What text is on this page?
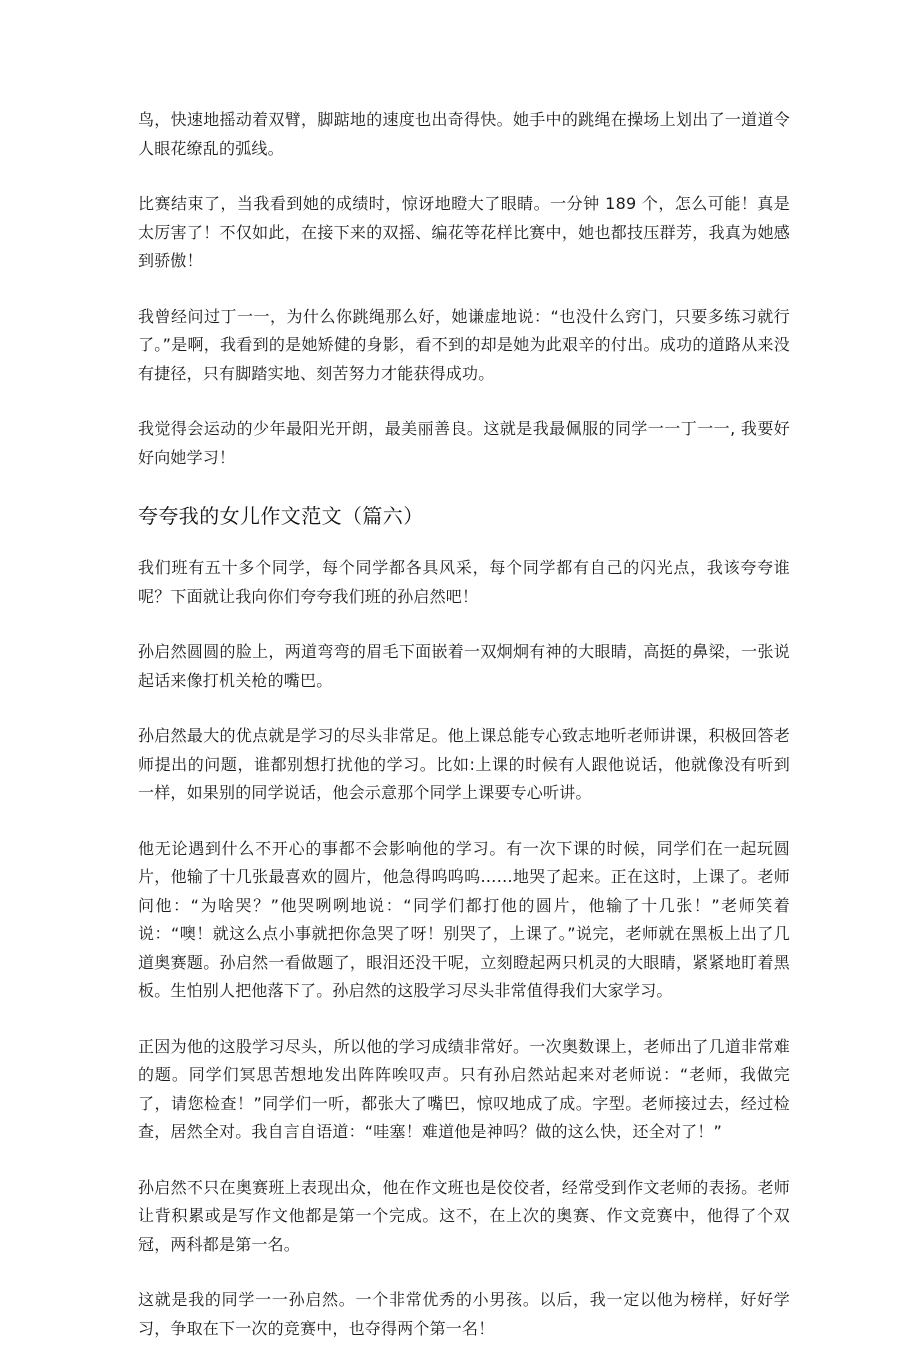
鸟，快速地摇动着双臂，脚踮地的速度也出奇得快。她手中的跳绳在操场上划出了一道道令人眼花缭乱的弧线。

比赛结束了，当我看到她的成绩时，惊讶地瞪大了眼睛。一分钟 189 个，怎么可能！真是太厉害了！不仅如此，在接下来的双摇、编花等花样比赛中，她也都技压群芳，我真为她感到骄傲！

我曾经问过丁一一，为什么你跳绳那么好，她谦虚地说：“也没什么窍门，只要多练习就行了。”是啊，我看到的是她矫健的身影，看不到的却是她为此艰辛的付出。成功的道路从来没有捷径，只有脚踏实地、刻苦努力才能获得成功。

我觉得会运动的少年最阳光开朗，最美丽善良。这就是我最佩服的同学一一丁一一, 我要好好向她学习！

夸夸我的女儿作文范文（篇六）

我们班有五十多个同学，每个同学都各具风采，每个同学都有自己的闪光点，我该夸夸谁呢？下面就让我向你们夸夸我们班的孙启然吧！

孙启然圆圆的脸上，两道弯弯的眉毛下面嵌着一双炯炯有神的大眼睛，高挺的鼻梁，一张说起话来像打机关枪的嘴巴。

孙启然最大的优点就是学习的尽头非常足。他上课总能专心致志地听老师讲课，积极回答老师提出的问题，谁都别想打扰他的学习。比如:上课的时候有人跟他说话，他就像没有听到一样，如果别的同学说话，他会示意那个同学上课要专心听讲。

他无论遇到什么不开心的事都不会影响他的学习。有一次下课的时候，同学们在一起玩圆片，他输了十几张最喜欢的圆片，他急得呜呜呜……地哭了起来。正在这时，上课了。老师问他：“为啥哭？”他哭咧咧地说：“同学们都打他的圆片，他输了十几张！”老师笑着说：“噢！就这么点小事就把你急哭了呀！别哭了，上课了。”说完，老师就在黑板上出了几道奥赛题。孙启然一看做题了，眼泪还没干呢，立刻瞪起两只机灵的大眼睛，紧紧地盯着黑板。生怕别人把他落下了。孙启然的这股学习尽头非常值得我们大家学习。

正因为他的这股学习尽头，所以他的学习成绩非常好。一次奥数课上，老师出了几道非常难的题。同学们冥思苦想地发出阵阵唉叹声。只有孙启然站起来对老师说：“老师，我做完了，请您检查！”同学们一听，都张大了嘴巴，惊叹地成了成。字型。老师接过去，经过检查，居然全对。我自言自语道：“哇塞！难道他是神吗？做的这么快，还全对了！”

孙启然不只在奥赛班上表现出众，他在作文班也是佼佼者，经常受到作文老师的表扬。老师让背积累或是写作文他都是第一个完成。这不，在上次的奥赛、作文竞赛中，他得了个双冠，两科都是第一名。

这就是我的同学一一孙启然。一个非常优秀的小男孩。以后，我一定以他为榜样，好好学习，争取在下一次的竞赛中，也夺得两个第一名！
